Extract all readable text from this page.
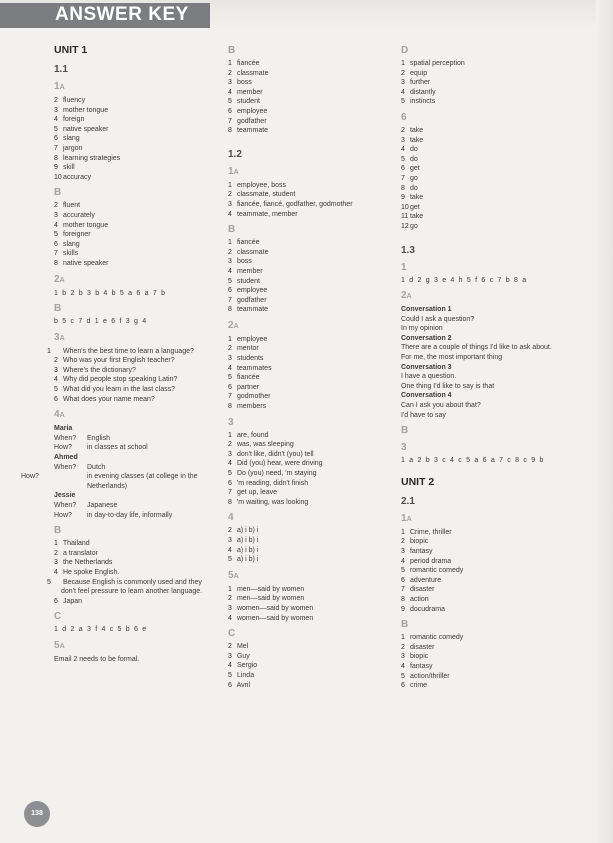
ANSWER KEY
UNIT 1
1.1
1A
2 fluency
3 mother tongue
4 foreign
5 native speaker
6 slang
7 jargon
8 learning strategies
9 skill
10 accuracy
B
2 fluent
3 accurately
4 mother tongue
5 foreigner
6 slang
7 skills
8 native speaker
2A
1 b 2 b 3 b 4 b 5 a 6 a 7 b
B
b 5 c 7 d 1 e 6 f 3 g 4
3A
1 When's the best time to learn a language?
2 Who was your first English teacher?
3 Where's the dictionary?
4 Why did people stop speaking Latin?
5 What did you learn in the last class?
6 What does your name mean?
4A
Maria
When? English
How? in classes at school
Ahmed
When? Dutch
How?	in evening classes (at college in the Netherlands)
Jessie
When? Japanese
How? in day-to-day life, informally
B
1 Thailand
2 a translator
3 the Netherlands
4 He spoke English.
5 Because English is commonly used and they don't feel pressure to learn another language.
6 Japan
C
1 d 2 a 3 f 4 c 5 b 6 e
5A
Email 2 needs to be formal.
B
1 fiancée
2 classmate
3 boss
4 member
5 student
6 employee
7 godfather
8 teammate
1.2
1A
1 employee, boss
2 classmate, student
3 fiancée, fiancé, godfather, godmother
4 teammate, member
B
1 fiancée
2 classmate
3 boss
4 member
5 student
6 employee
7 godfather
8 teammate
2A
1 employee
2 mentor
3 students
4 teammates
5 fiancée
6 partner
7 godmother
8 members
3
1 are, found
2 was, was sleeping
3 don't like, didn't (you) tell
4 Did (you) hear, were driving
5 Do (you) need, 'm staying
6 'm reading, didn't finish
7 get up, leave
8 'm waiting, was looking
4
2 a) i b) i
3 a) i b) i
4 a) i b) i
5 a) i b) i
5A
1 men—said by women
2 men—said by women
3 women—said by women
4 women—said by women
C
2 Mel
3 Guy
4 Sergio
5 Linda
6 Avril
D
1 spatial perception
2 equip
3 further
4 distantly
5 instincts
6
2 take
3 take
4 do
5 do
6 get
7 go
8 do
9 take
10 get
11 take
12 go
1.3
1
1 d 2 g 3 e 4 h 5 f 6 c 7 b 8 a
2A
Conversation 1
Could I ask a question?
In my opinion
Conversation 2
There are a couple of things I'd like to ask about.
For me, the most important thing
Conversation 3
I have a question.
One thing I'd like to say is that
Conversation 4
Can I ask you about that?
I'd have to say
B
3
1 a 2 b 3 c 4 c 5 a 6 a 7 c 8 c 9 b
UNIT 2
2.1
1A
1 Crime, thriller
2 biopic
3 fantasy
4 period drama
5 romantic comedy
6 adventure
7 disaster
8 action
9 docudrama
B
1 romantic comedy
2 disaster
3 biopic
4 fantasy
5 action/thriller
6 crime
138
